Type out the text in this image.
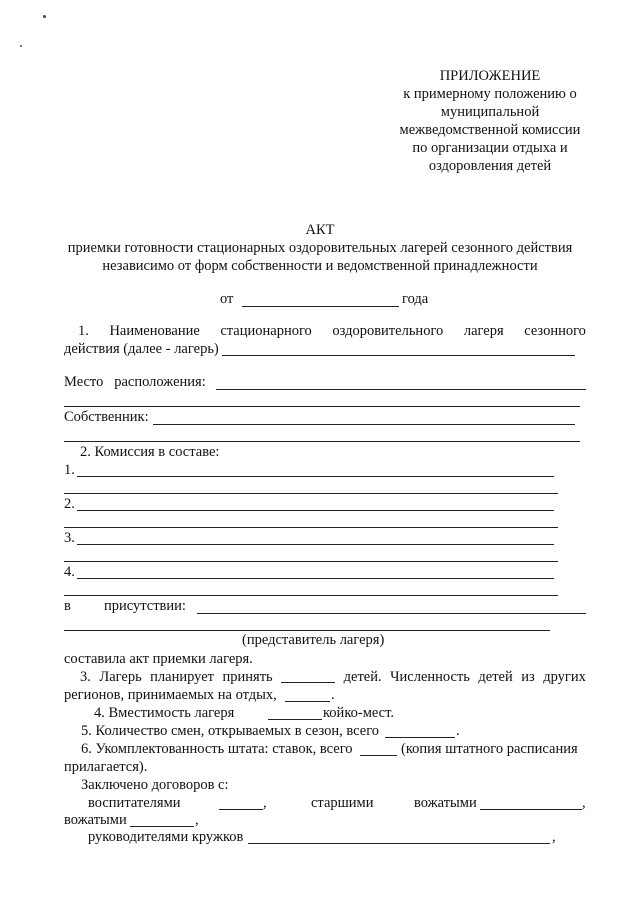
ПРИЛОЖЕНИЕ
к примерному положению о
муниципальной
межведомственной комиссии
по организации отдыха и
оздоровления детей
АКТ
приемки готовности стационарных оздоровительных лагерей сезонного действия
независимо от форм собственности и ведомственной принадлежности
от	года
1. Наименование стационарного оздоровительного лагеря сезонного
действия (далее - лагерь)
Место   расположения:
Собственник:
2. Комиссия в составе:
1.
2.
3.
4.
в присутствии:
(представитель лагеря)
составила акт приемки лагеря.
3. Лагерь планирует принять	детей. Численность детей из других
регионов, принимаемых на отдых,	.
4. Вместимость лагеря	койко-мест.
5. Количество смен, открываемых в сезон, всего	.
6. Укомплектованность штата: ставок, всего	(копия штатного расписания
прилагается).
Заключено договоров с:
воспитателями	,	старшими	вожатыми	,
вожатыми	,
руководителями кружков	,
